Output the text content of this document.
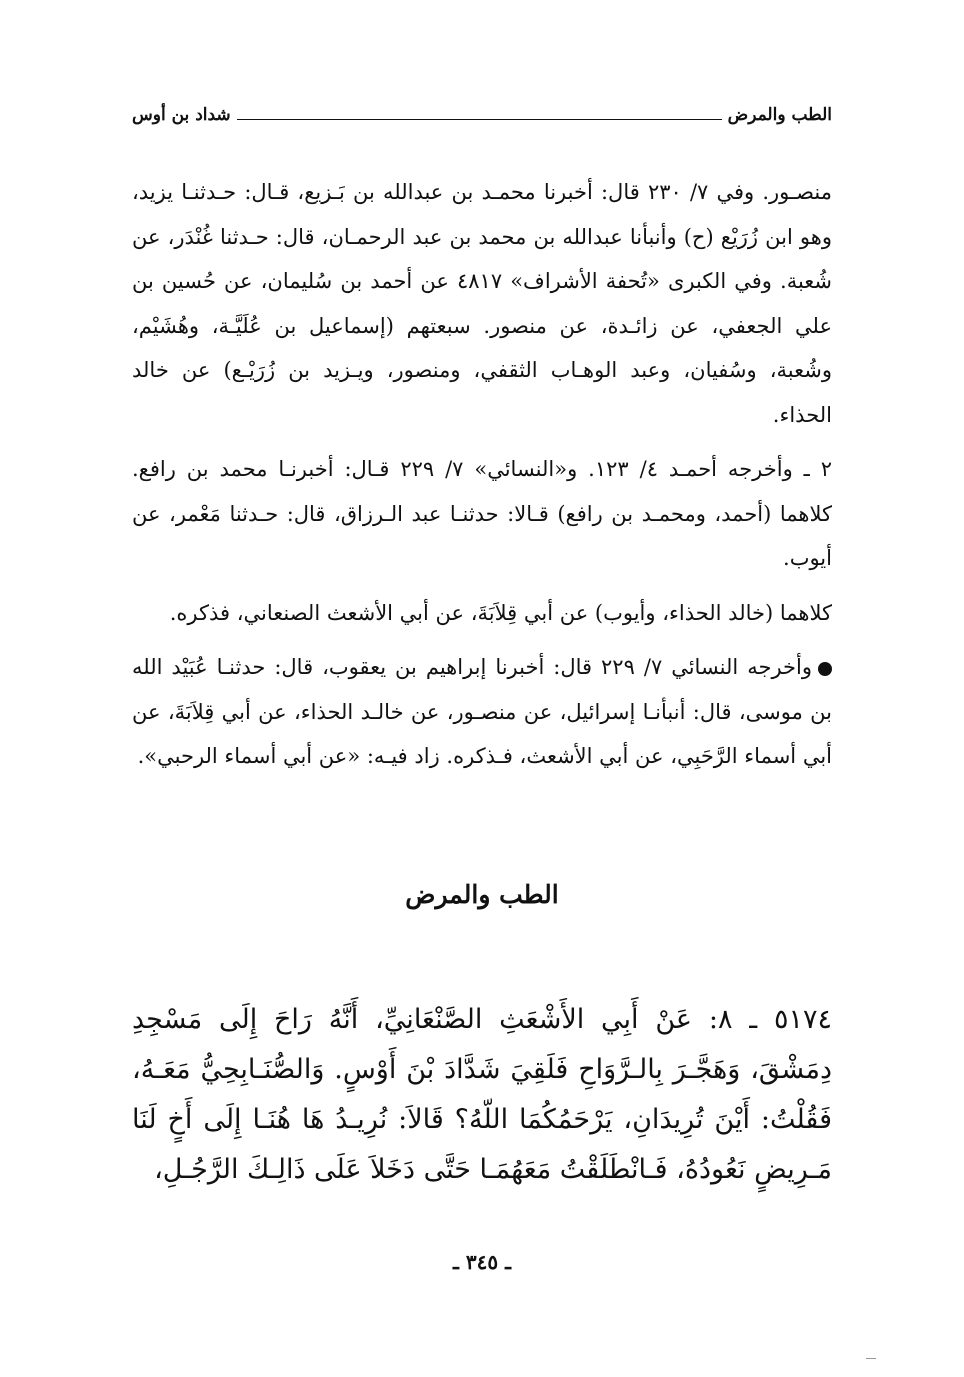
الطب والمرض
شداد بن أوس

منصـور. وفي ٧/ ٢٣٠ قال: أخبرنا محمـد بن عبدالله بن بَـزيع، قـال: حـدثنـا يزيد، وهو ابن زُرَيْع (ح) وأنبأنا عبدالله بن محمد بن عبد الرحمـان، قال: حـدثنا غُنْدَر، عن شُعبة. وفي الكبرى «تُحفة الأشراف» ٤٨١٧ عن أحمد بن سُليمان، عن حُسين بن علي الجعفي، عن زائـدة، عن منصور. سبعتهم (إسماعيل بن عُلَيَّـة، وهُشَيْم، وشُعبة، وسُفيان، وعبد الوهـاب الثقفي، ومنصور، ويـزيد بن زُرَيْـع) عن خالد الحذاء.

٢ ـ وأخرجه أحمـد ٤/ ١٢٣. و«النسائي» ٧/ ٢٢٩ قـال: أخبرنـا محمد بن رافع. كلاهما (أحمد، ومحمـد بن رافع) قـالا: حدثنـا عبد الـرزاق، قال: حـدثنا مَعْمر، عن أيوب.

كلاهما (خالد الحذاء، وأيوب) عن أبي قِلاَبَةَ، عن أبي الأشعث الصنعاني، فذكره.

وأخرجه النسائي ٧/ ٢٢٩ قال: أخبرنا إبراهيم بن يعقوب، قال: حدثنـا عُبَيْد الله بن موسى، قال: أنبأنـا إسرائيل، عن منصـور، عن خالـد الحذاء، عن أبي قِلاَبَةَ، عن أبي أسماء الرَّحَبِي، عن أبي الأشعث، فـذكره. زاد فيـه: «عن أبي أسماء الرحبي».

الطب والمرض

٥١٧٤ ـ ٨: عَنْ أَبِي الأَشْعَثِ الصَّنْعَانِيِّ، أَنَّهُ رَاحَ إِلَى مَسْجِدِ دِمَشْقَ، وَهَجَّـرَ بِالـرَّوَاحِ فَلَقِيَ شَدَّادَ بْنَ أَوْسٍ. وَالصُّنَـابِحِيُّ مَعَـهُ، فَقُلْتُ: أَيْنَ تُرِيدَانِ، يَرْحَمُكُمَا اللّهُ؟ قَالاَ: نُرِيـدُ هَا هُنَـا إِلَى أَخٍ لَنَا مَـرِيضٍ نَعُودُهُ، فَـانْطَلَقْتُ مَعَهُمَـا حَتَّى دَخَلاَ عَلَى ذَالِـكَ الرَّجُـلِ،

ـ ٣٤٥ ـ
